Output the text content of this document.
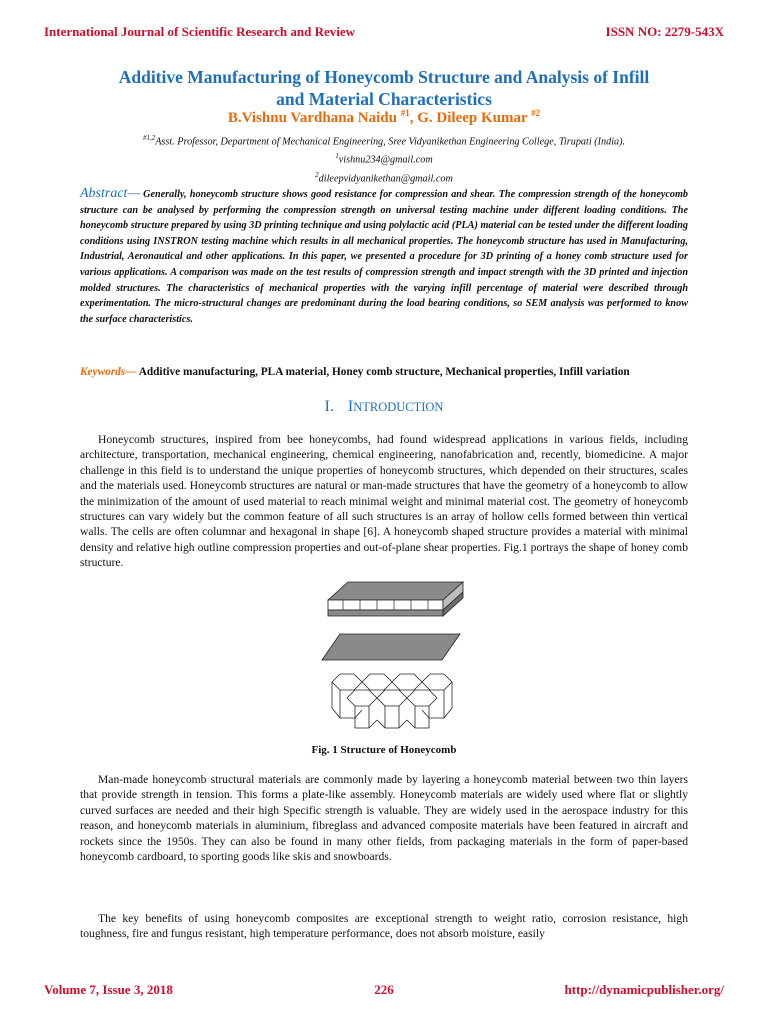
International Journal of Scientific Research and Review	ISSN NO: 2279-543X
Additive Manufacturing of Honeycomb Structure and Analysis of Infill
and Material Characteristics
B.Vishnu Vardhana Naidu $^{\#1}$, G. Dileep Kumar $^{\#2}$
$^{\#1,2}$Asst. Professor, Department of Mechanical Engineering, Sree Vidyanikethan Engineering College, Tirupati (India).
$^1$vishnu234@gmail.com
$^2$dileepvidyanikethan@gmail.com

Abstract— Generally, honeycomb structure shows good resistance for compression and shear. The compression strength of the honeycomb structure can be analysed by performing the compression strength on universal testing machine under different loading conditions. The honeycomb structure prepared by using 3D printing technique and using polylactic acid (PLA) material can be tested under the different loading conditions using INSTRON testing machine which results in all mechanical properties. The honeycomb structure has used in Manufacturing, Industrial, Aeronautical and other applications. In this paper, we presented a procedure for 3D printing of a honey comb structure used for various applications. A comparison was made on the test results of compression strength and impact strength with the 3D printed and injection molded structures. The characteristics of mechanical properties with the varying infill percentage of material were described through experimentation. The micro-structural changes are predominant during the load bearing conditions, so SEM analysis was performed to know the surface characteristics.

Keywords— Additive manufacturing, PLA material, Honey comb structure, Mechanical properties, Infill variation

I. INTRODUCTION

Honeycomb structures, inspired from bee honeycombs, had found widespread applications in various fields, including architecture, transportation, mechanical engineering, chemical engineering, nanofabrication and, recently, biomedicine. A major challenge in this field is to understand the unique properties of honeycomb structures, which depended on their structures, scales and the materials used. Honeycomb structures are natural or man-made structures that have the geometry of a honeycomb to allow the minimization of the amount of used material to reach minimal weight and minimal material cost. The geometry of honeycomb structures can vary widely but the common feature of all such structures is an array of hollow cells formed between thin vertical walls. The cells are often columnar and hexagonal in shape [6]. A honeycomb shaped structure provides a material with minimal density and relative high outline compression properties and out-of-plane shear properties. Fig.1 portrays the shape of honey comb structure.

Fig. 1 Structure of Honeycomb

Man-made honeycomb structural materials are commonly made by layering a honeycomb material between two thin layers that provide strength in tension. This forms a plate-like assembly. Honeycomb materials are widely used where flat or slightly curved surfaces are needed and their high Specific strength is valuable. They are widely used in the aerospace industry for this reason, and honeycomb materials in aluminium, fibreglass and advanced composite materials have been featured in aircraft and rockets since the 1950s. They can also be found in many other fields, from packaging materials in the form of paper-based honeycomb cardboard, to sporting goods like skis and snowboards.

The key benefits of using honeycomb composites are exceptional strength to weight ratio, corrosion resistance, high toughness, fire and fungus resistant, high temperature performance, does not absorb moisture, easily

Volume 7, Issue 3, 2018	226	http://dynamicpublisher.org/
